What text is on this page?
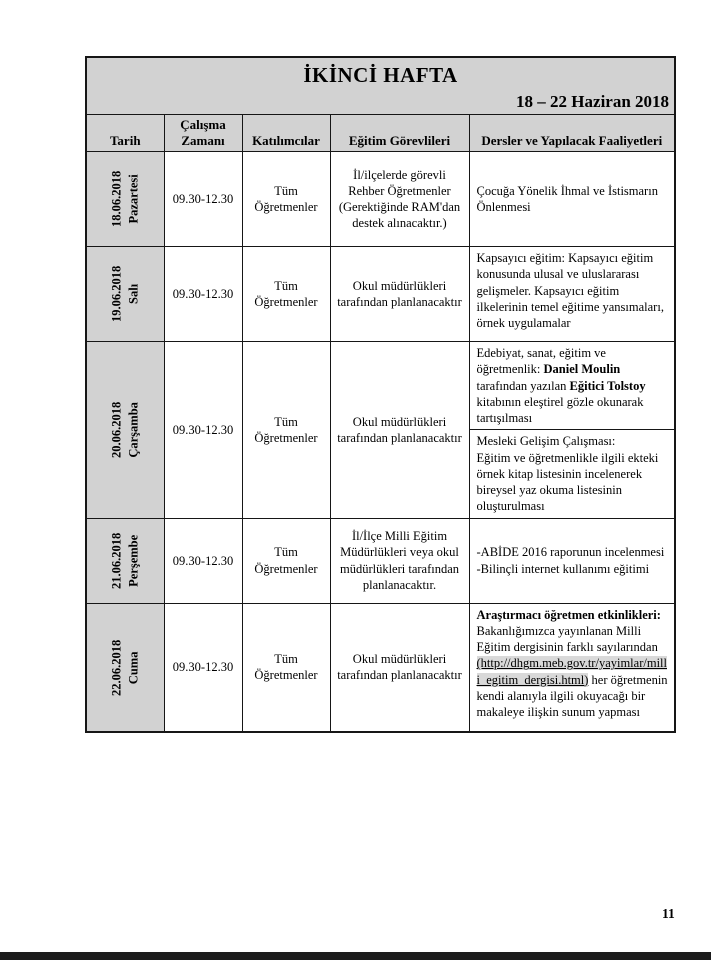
İKİNCİ HAFTA
18 – 22 Haziran 2018				

Tarih	Çalışma Zamanı	Katılımcılar	Eğitim Görevlileri	Dersler ve Yapılacak Faaliyetleri

18.06.2018 Pazartesi	09.30-12.30	Tüm Öğretmenler	İl/ilçelerde görevli Rehber Öğretmenler (Gerektiğinde RAM'dan destek alınacaktır.)	Çocuğa Yönelik İhmal ve İstismarın Önlenmesi

19.06.2018 Salı	09.30-12.30	Tüm Öğretmenler	Okul müdürlükleri tarafından planlanacaktır	Kapsayıcı eğitim: Kapsayıcı eğitim konusunda ulusal ve uluslararası gelişmeler. Kapsayıcı eğitim ilkelerinin temel eğitime yansımaları, örnek uygulamalar

20.06.2018 Çarşamba	09.30-12.30	Tüm Öğretmenler	Okul müdürlükleri tarafından planlanacaktır	Edebiyat, sanat, eğitim ve öğretmenlik: Daniel Moulin tarafından yazılan Eğitici Tolstoy kitabının eleştirel gözle okunarak tartışılması
				Mesleki Gelişim Çalışması:
Eğitim ve öğretmenlikle ilgili ekteki örnek kitap listesinin incelenerek bireysel yaz okuma listesinin oluşturulması

21.06.2018 Perşembe	09.30-12.30	Tüm Öğretmenler	İl/İlçe Milli Eğitim Müdürlükleri veya okul müdürlükleri tarafından planlanacaktır.	-ABİDE 2016 raporunun incelenmesi
-Bilinçli internet kullanımı eğitimi

22.06.2018 Cuma	09.30-12.30	Tüm Öğretmenler	Okul müdürlükleri tarafından planlanacaktır	Araştırmacı öğretmen etkinlikleri:
Bakanlığımızca yayınlanan Milli Eğitim dergisinin farklı sayılarından (http://dhgm.meb.gov.tr/yayimlar/milli_egitim_dergisi.html) her öğretmenin kendi alanıyla ilgili okuyacağı bir makaleye ilişkin sunum yapması
11
